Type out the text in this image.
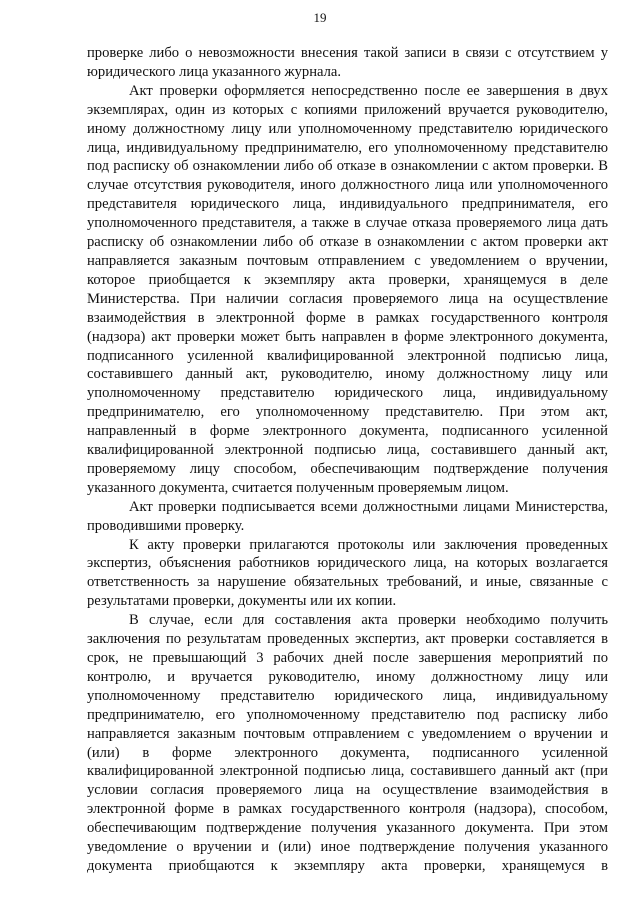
19

проверке либо о невозможности внесения такой записи в связи с отсутствием у юридического лица указанного журнала.

Акт проверки оформляется непосредственно после ее завершения в двух экземплярах, один из которых с копиями приложений вручается руководителю, иному должностному лицу или уполномоченному представителю юридического лица, индивидуальному предпринимателю, его уполномоченному представителю под расписку об ознакомлении либо об отказе в ознакомлении с актом проверки. В случае отсутствия руководителя, иного должностного лица или уполномоченного представителя юридического лица, индивидуального предпринимателя, его уполномоченного представителя, а также в случае отказа проверяемого лица дать расписку об ознакомлении либо об отказе в ознакомлении с актом проверки акт направляется заказным почтовым отправлением с уведомлением о вручении, которое приобщается к экземпляру акта проверки, хранящемуся в деле Министерства. При наличии согласия проверяемого лица на осуществление взаимодействия в электронной форме в рамках государственного контроля (надзора) акт проверки может быть направлен в форме электронного документа, подписанного усиленной квалифицированной электронной подписью лица, составившего данный акт, руководителю, иному должностному лицу или уполномоченному представителю юридического лица, индивидуальному предпринимателю, его уполномоченному представителю. При этом акт, направленный в форме электронного документа, подписанного усиленной квалифицированной электронной подписью лица, составившего данный акт, проверяемому лицу способом, обеспечивающим подтверждение получения указанного документа, считается полученным проверяемым лицом.

Акт проверки подписывается всеми должностными лицами Министерства, проводившими проверку.

К акту проверки прилагаются протоколы или заключения проведенных экспертиз, объяснения работников юридического лица, на которых возлагается ответственность за нарушение обязательных требований, и иные, связанные с результатами проверки, документы или их копии.

В случае, если для составления акта проверки необходимо получить заключения по результатам проведенных экспертиз, акт проверки составляется в срок, не превышающий 3 рабочих дней после завершения мероприятий по контролю, и вручается руководителю, иному должностному лицу или уполномоченному представителю юридического лица, индивидуальному предпринимателю, его уполномоченному представителю под расписку либо направляется заказным почтовым отправлением с уведомлением о вручении и (или) в форме электронного документа, подписанного усиленной квалифицированной электронной подписью лица, составившего данный акт (при условии согласия проверяемого лица на осуществление взаимодействия в электронной форме в рамках государственного контроля (надзора), способом, обеспечивающим подтверждение получения указанного документа. При этом уведомление о вручении и (или) иное подтверждение получения указанного документа приобщаются к экземпляру акта проверки, хранящемуся в
